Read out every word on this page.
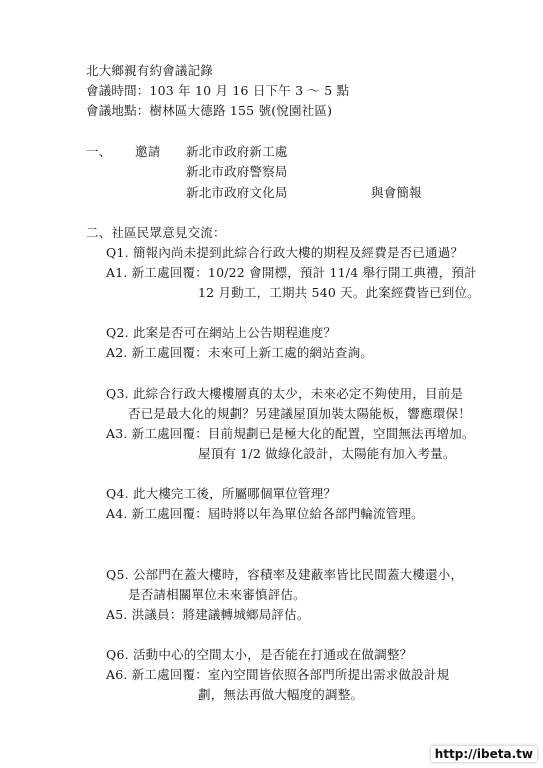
北大鄉親有約會議記錄
會議時間：103 年 10 月 16 日下午 3 ～ 5 點
會議地點：樹林區大德路 155 號(悅園社區)
一、 邀請 新北市政府新工處
新北市政府警察局
新北市政府文化局	與會簡報
二、社區民眾意見交流：
Q1. 簡報內尚未提到此綜合行政大樓的期程及經費是否已通過？
A1. 新工處回覆：10/22 會開標，預計 11/4 舉行開工典禮，預計
12 月動工，工期共 540 天。此案經費皆已到位。
Q2. 此案是否可在網站上公告期程進度？
A2. 新工處回覆：未來可上新工處的網站查詢。
Q3. 此綜合行政大樓樓層真的太少，未來必定不夠使用，目前是
否已是最大化的規劃？另建議屋頂加裝太陽能板，響應環保！
A3. 新工處回覆：目前規劃已是極大化的配置，空間無法再增加。
屋頂有 1/2 做綠化設計，太陽能有加入考量。
Q4. 此大樓完工後，所屬哪個單位管理？
A4. 新工處回覆：屆時將以年為單位給各部門輪流管理。
Q5. 公部門在蓋大樓時，容積率及建蔽率皆比民間蓋大樓還小，
是否請相關單位未來審慎評估。
A5. 洪議員：將建議轉城鄉局評估。
Q6. 活動中心的空間太小，是否能在打通或在做調整？
A6. 新工處回覆：室內空間皆依照各部門所提出需求做設計規
劃，無法再做大幅度的調整。
http://ibeta.tw
